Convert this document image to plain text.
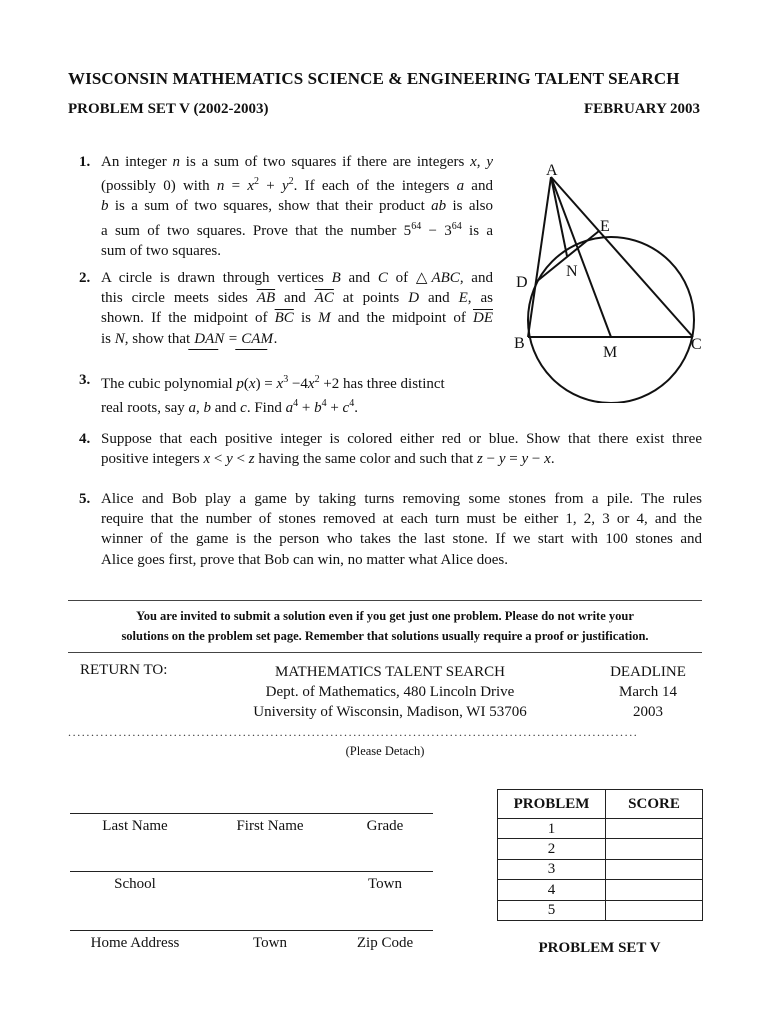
WISCONSIN MATHEMATICS SCIENCE & ENGINEERING TALENT SEARCH
PROBLEM SET V (2002-2003)	FEBRUARY 2003
1. An integer n is a sum of two squares if there are integers x, y
(possibly 0) with $n = x^2 + y^2$. If each of the integers a and
b is a sum of two squares, show that their product ab is also
a sum of two squares. Prove that the number $5^{64} - 3^{64}$ is a
sum of two squares.
2. A circle is drawn through vertices B and C of △ABC, and
this circle meets sides $\overline{AB}$ and $\overline{AC}$ at points D and E, as
shown. If the midpoint of $\overline{BC}$ is M and the midpoint of $\overline{DE}$
is N, show that DAN = CAM.
3. The cubic polynomial $p(x) = x^3 -4x^2 +2$ has three distinct
real roots, say a, b and c. Find $a^4 + b^4 + c^4$.
4. Suppose that each positive integer is colored either red or blue. Show that there exist three
positive integers x < y < z having the same color and such that z − y = y − x.
5. Alice and Bob play a game by taking turns removing some stones from a pile. The rules
require that the number of stones removed at each turn must be either 1, 2, 3 or 4, and the
winner of the game is the person who takes the last stone. If we start with 100 stones and
Alice goes first, prove that Bob can win, no matter what Alice does.
A
B	C
D
E
M
N
You are invited to submit a solution even if you get just one problem. Please do not write your
solutions on the problem set page. Remember that solutions usually require a proof or justification.
RETURN TO:	MATHEMATICS TALENT SEARCH
Dept. of Mathematics, 480 Lincoln Drive
University of Wisconsin, Madison, WI 53706
DEADLINE
March 14
2003
............................................................................................................................
(Please Detach)
Last Name	First Name	Grade
School	Town
Home Address	Town	Zip Code
PROBLEM	SCORE
1	
2	
3	
4	
5	
PROBLEM SET V
